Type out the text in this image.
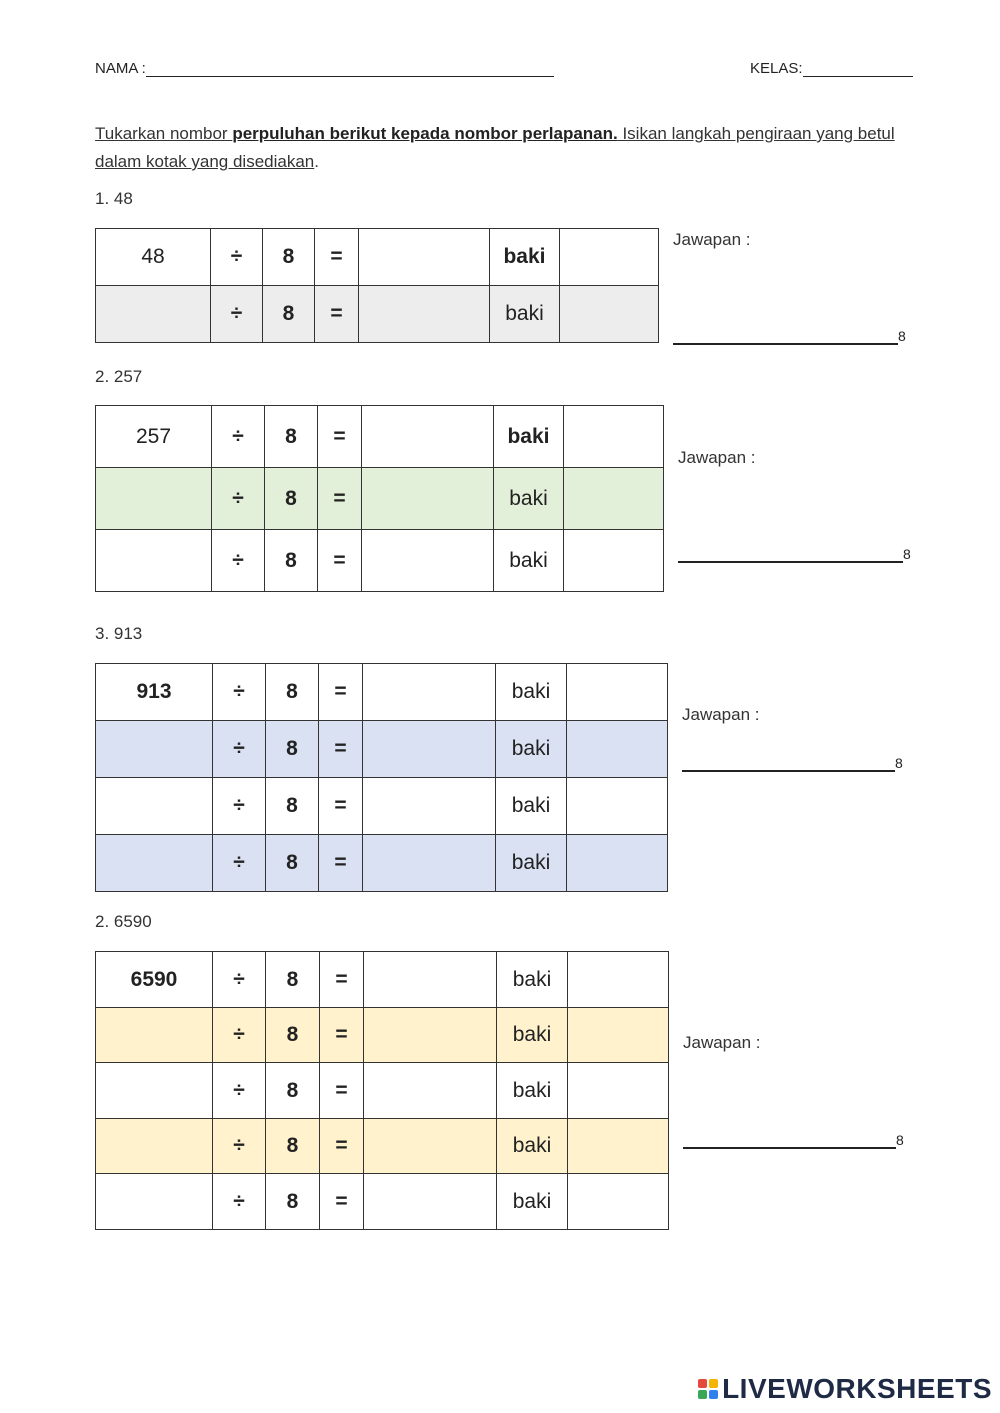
NAMA :	KELAS:
Tukarkan nombor perpuluhan berikut kepada nombor perlapanan. Isikan langkah pengiraan yang betul dalam kotak yang disediakan.
1. 48
48	÷	8	=		baki	
	÷	8	=		baki	
Jawapan :
8
2. 257
257	÷	8	=		baki	
	÷	8	=		baki	
	÷	8	=		baki	
Jawapan :
8
3. 913
913	÷	8	=		baki	
	÷	8	=		baki	
	÷	8	=		baki	
	÷	8	=		baki	
Jawapan :
8
2. 6590
6590	÷	8	=		baki	
	÷	8	=		baki	
	÷	8	=		baki	
	÷	8	=		baki	
	÷	8	=		baki	
Jawapan :
8
LIVEWORKSHEETS
